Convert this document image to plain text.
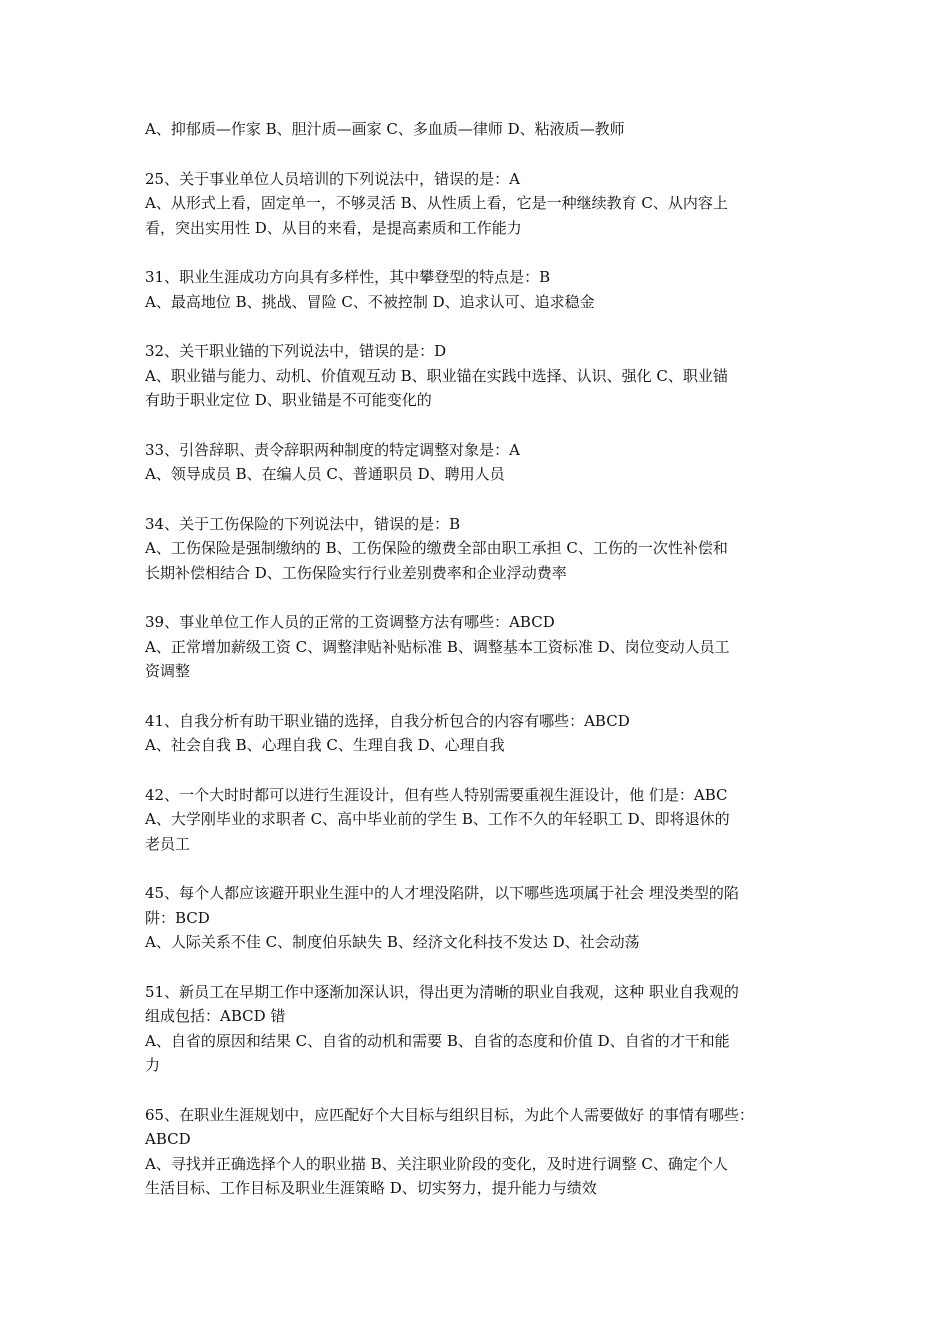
A、抑郁质—作家 B、胆汁质—画家 C、多血质—律师 D、粘液质—教师

25、关于事业单位人员培训的下列说法中，错误的是：A

A、从形式上看，固定单一，不够灵活 B、从性质上看，它是一种继续教育 C、从内容上

看，突出实用性 D、从目的来看，是提高素质和工作能力

31、职业生涯成功方向具有多样性，其中攀登型的特点是：B

A、最高地位 B、挑战、冒险 C、不被控制 D、追求认可、追求稳金

32、关干职业锚的下列说法中，错误的是：D

A、职业锚与能力、动机、价值观互动 B、职业锚在实践中选择、认识、强化 C、职业锚

有助于职业定位 D、职业锚是不可能变化的

33、引咎辞职、责令辞职两种制度的特定调整对象是：A

A、领导成员 B、在编人员 C、普通职员 D、聘用人员

34、关于工伤保险的下列说法中，错误的是：B

A、工伤保险是强制缴纳的 B、工伤保险的缴费全部由职工承担 C、工伤的一次性补偿和

长期补偿相结合 D、工伤保险实行行业差别费率和企业浮动费率

39、事业单位工作人员的正常的工资调整方法有哪些：ABCD

A、正常增加薪级工资 C、调整津贴补贴标准 B、调整基本工资标准 D、岗位变动人员工

资调整

41、自我分析有助干职业锚的选择，自我分析包合的内容有哪些：ABCD

A、社会自我 B、心理自我 C、生理自我 D、心理自我

42、一个大时时都可以进行生涯设计，但有些人特别需要重视生涯设计，他 们是：ABC

A、大学刚毕业的求职者 C、高中毕业前的学生 B、工作不久的年轻职工 D、即将退休的

老员工

45、每个人都应该避开职业生涯中的人才埋没陷阱，以下哪些选项属于社会 埋没类型的陷

阱：BCD

A、人际关系不佳 C、制度伯乐缺失 B、经济文化科技不发达 D、社会动荡

51、新员工在早期工作中逐渐加深认识，得出更为清晰的职业自我观，这种 职业自我观的

组成包括：ABCD 错

A、自省的原因和结果 C、自省的动机和需要 B、自省的态度和价值 D、自省的才干和能

力

65、在职业生涯规划中，应匹配好个大目标与组织目标，为此个人需要做好 的事情有哪些：

ABCD

A、寻找并正确选择个人的职业描 B、关注职业阶段的变化，及时进行调整 C、确定个人

生活目标、工作目标及职业生涯策略 D、切实努力，提升能力与绩效
